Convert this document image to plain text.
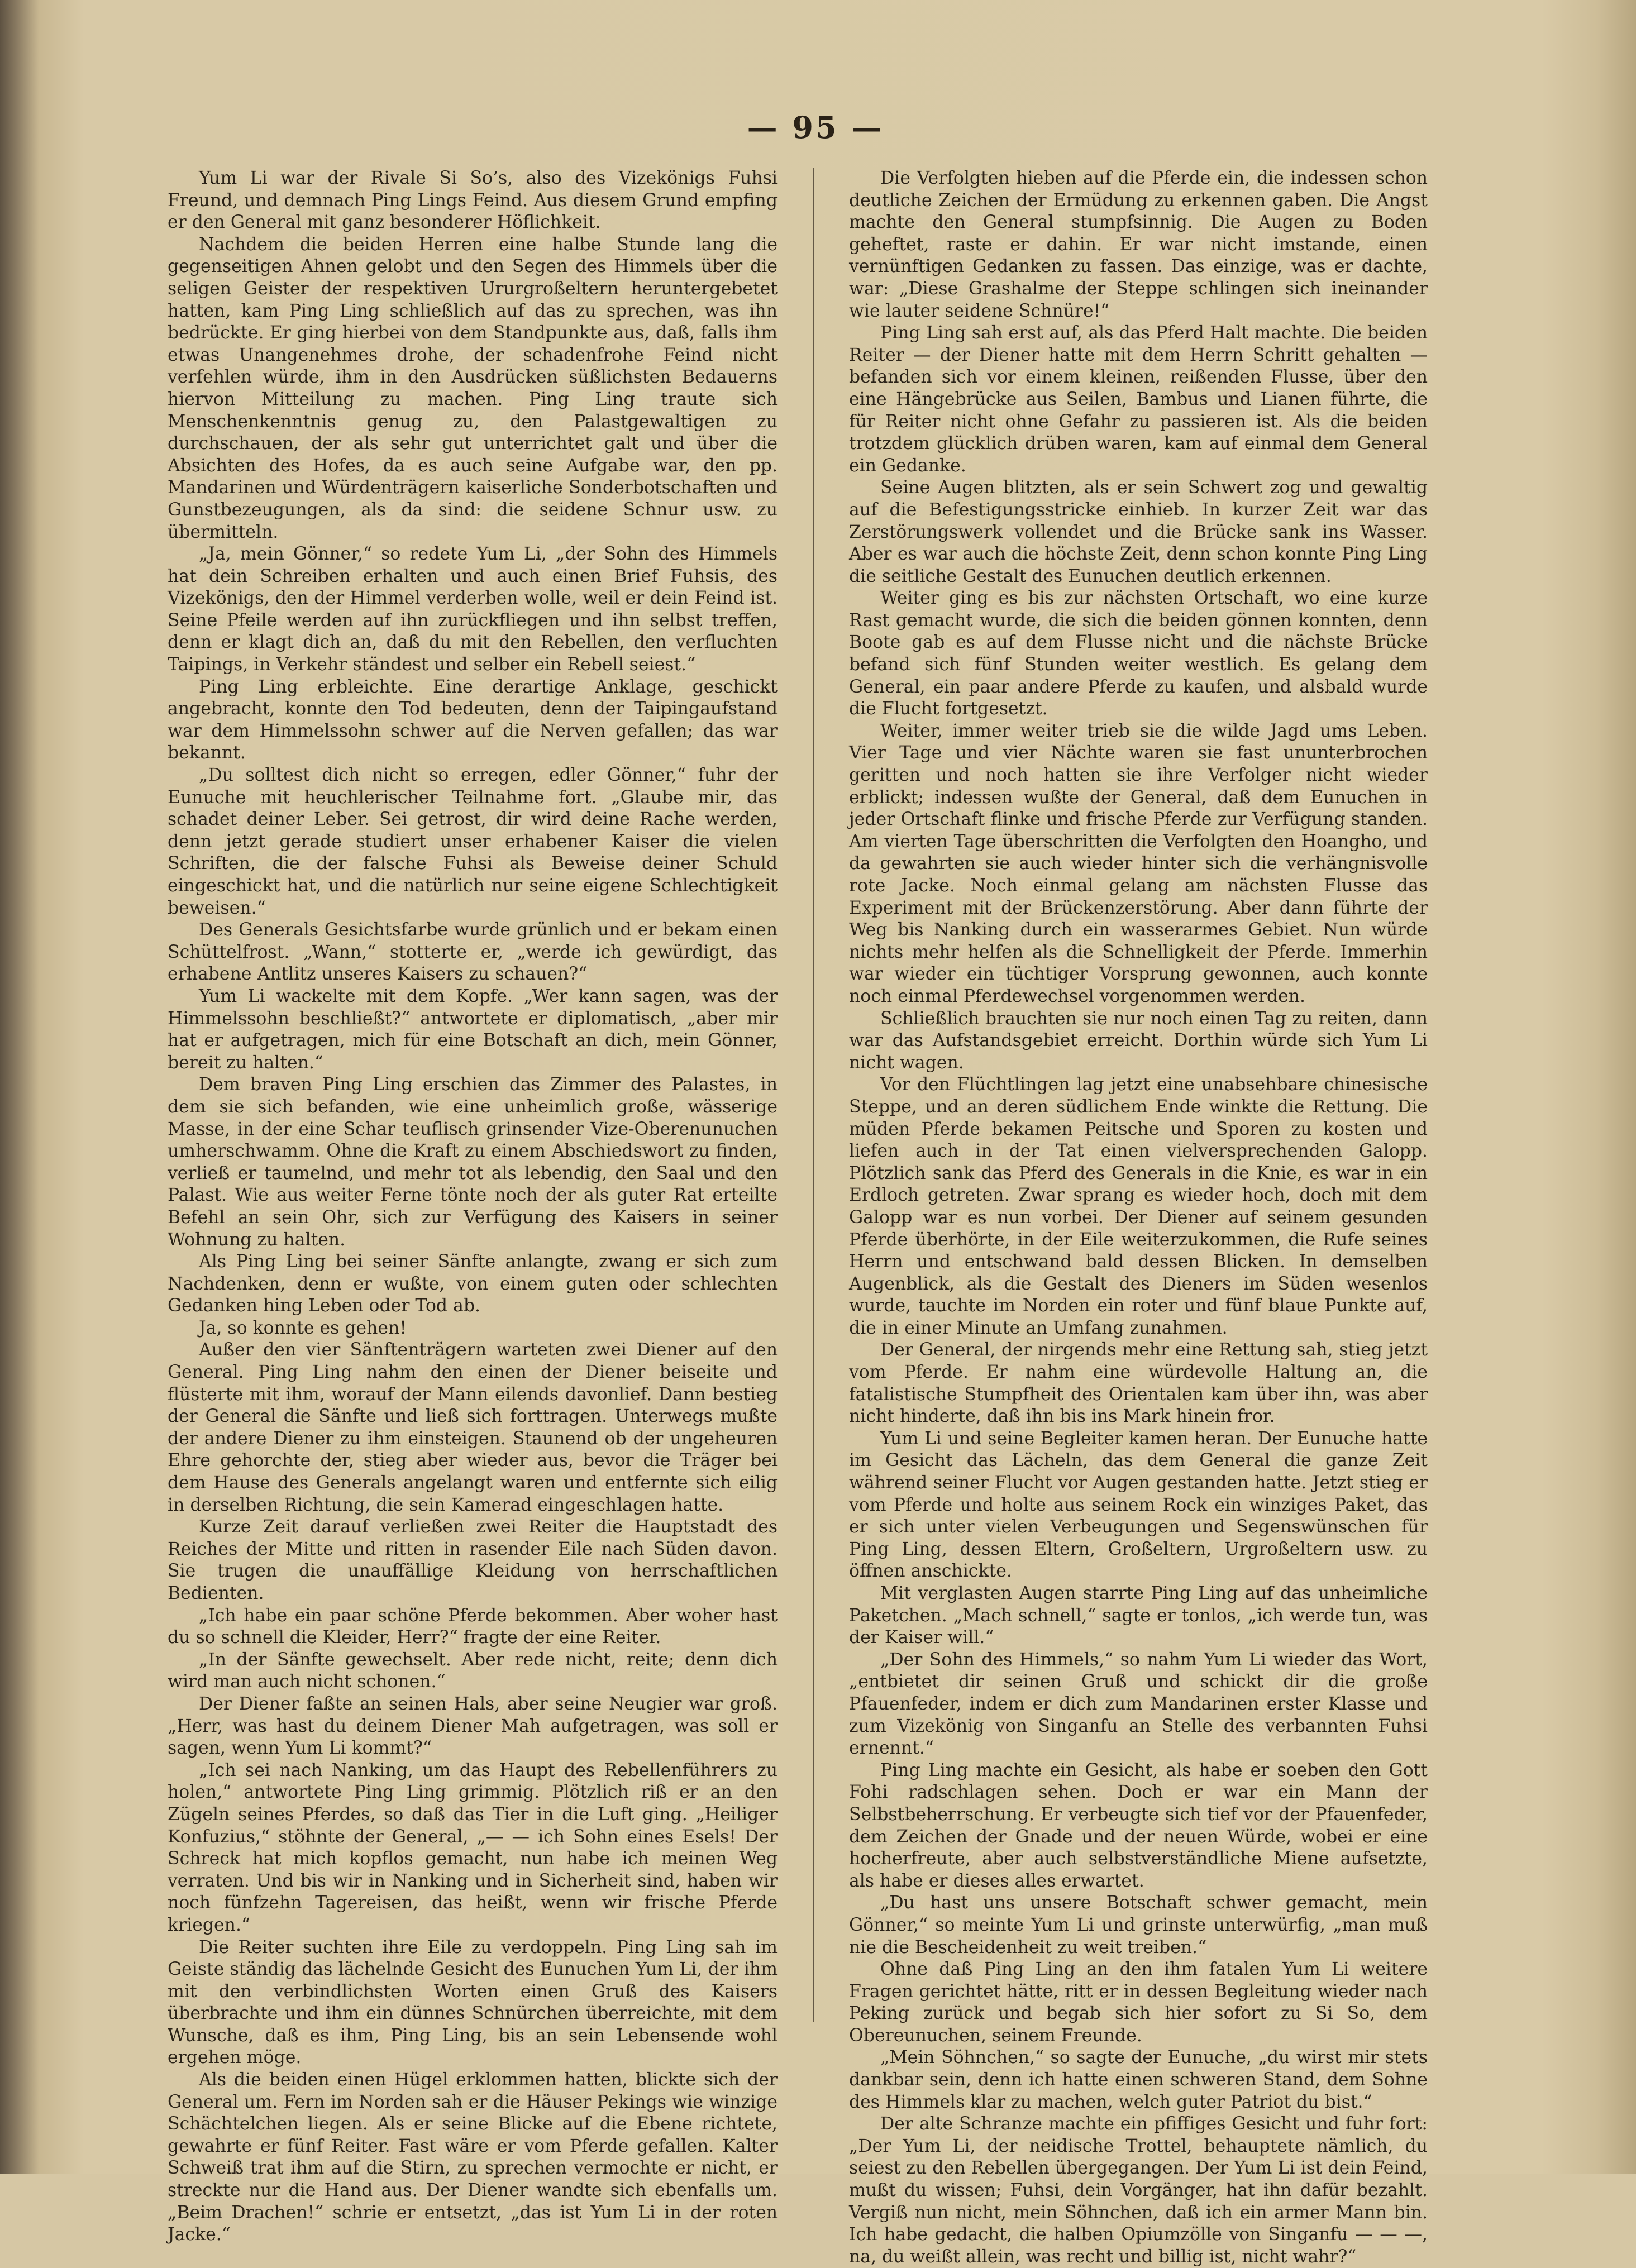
— 95 —

Yum Li war der Rivale Si So’s, also des Vizekönigs Fuhsi Freund, und demnach Ping Lings Feind. Aus diesem Grund empfing er den General mit ganz besonderer Höflichkeit.

Nachdem die beiden Herren eine halbe Stunde lang die gegenseitigen Ahnen gelobt und den Segen des Himmels über die seligen Geister der respektiven Ururgroßeltern heruntergebetet hatten, kam Ping Ling schließlich auf das zu sprechen, was ihn bedrückte. Er ging hierbei von dem Standpunkte aus, daß, falls ihm etwas Unangenehmes drohe, der schadenfrohe Feind nicht verfehlen würde, ihm in den Ausdrücken süßlichsten Bedauerns hiervon Mitteilung zu machen. Ping Ling traute sich Menschenkenntnis genug zu, den Palastgewaltigen zu durchschauen, der als sehr gut unterrichtet galt und über die Absichten des Hofes, da es auch seine Aufgabe war, den pp. Mandarinen und Würdenträgern kaiserliche Sonderbotschaften und Gunstbezeugungen, als da sind: die seidene Schnur usw. zu übermitteln.

„Ja, mein Gönner,“ so redete Yum Li, „der Sohn des Himmels hat dein Schreiben erhalten und auch einen Brief Fuhsis, des Vizekönigs, den der Himmel verderben wolle, weil er dein Feind ist. Seine Pfeile werden auf ihn zurückfliegen und ihn selbst treffen, denn er klagt dich an, daß du mit den Rebellen, den verfluchten Taipings, in Verkehr ständest und selber ein Rebell seiest.“

Ping Ling erbleichte. Eine derartige Anklage, geschickt angebracht, konnte den Tod bedeuten, denn der Taipingaufstand war dem Himmelssohn schwer auf die Nerven gefallen; das war bekannt.

„Du solltest dich nicht so erregen, edler Gönner,“ fuhr der Eunuche mit heuchlerischer Teilnahme fort. „Glaube mir, das schadet deiner Leber. Sei getrost, dir wird deine Rache werden, denn jetzt gerade studiert unser erhabener Kaiser die vielen Schriften, die der falsche Fuhsi als Beweise deiner Schuld eingeschickt hat, und die natürlich nur seine eigene Schlechtigkeit beweisen.“

Des Generals Gesichtsfarbe wurde grünlich und er bekam einen Schüttelfrost. „Wann,“ stotterte er, „werde ich gewürdigt, das erhabene Antlitz unseres Kaisers zu schauen?“

Yum Li wackelte mit dem Kopfe. „Wer kann sagen, was der Himmelssohn beschließt?“ antwortete er diplomatisch, „aber mir hat er aufgetragen, mich für eine Botschaft an dich, mein Gönner, bereit zu halten.“

Dem braven Ping Ling erschien das Zimmer des Palastes, in dem sie sich befanden, wie eine unheimlich große, wässerige Masse, in der eine Schar teuflisch grinsender Vize-Oberenunuchen umherschwamm. Ohne die Kraft zu einem Abschiedswort zu finden, verließ er taumelnd, und mehr tot als lebendig, den Saal und den Palast. Wie aus weiter Ferne tönte noch der als guter Rat erteilte Befehl an sein Ohr, sich zur Verfügung des Kaisers in seiner Wohnung zu halten.

Als Ping Ling bei seiner Sänfte anlangte, zwang er sich zum Nachdenken, denn er wußte, von einem guten oder schlechten Gedanken hing Leben oder Tod ab.

Ja, so konnte es gehen!

Außer den vier Sänftenträgern warteten zwei Diener auf den General. Ping Ling nahm den einen der Diener beiseite und flüsterte mit ihm, worauf der Mann eilends davonlief. Dann bestieg der General die Sänfte und ließ sich forttragen. Unterwegs mußte der andere Diener zu ihm einsteigen. Staunend ob der ungeheuren Ehre gehorchte der, stieg aber wieder aus, bevor die Träger bei dem Hause des Generals angelangt waren und entfernte sich eilig in derselben Richtung, die sein Kamerad eingeschlagen hatte.

Kurze Zeit darauf verließen zwei Reiter die Hauptstadt des Reiches der Mitte und ritten in rasender Eile nach Süden davon. Sie trugen die unauffällige Kleidung von herrschaftlichen Bedienten.

„Ich habe ein paar schöne Pferde bekommen. Aber woher hast du so schnell die Kleider, Herr?“ fragte der eine Reiter.

„In der Sänfte gewechselt. Aber rede nicht, reite; denn dich wird man auch nicht schonen.“

Der Diener faßte an seinen Hals, aber seine Neugier war groß. „Herr, was hast du deinem Diener Mah aufgetragen, was soll er sagen, wenn Yum Li kommt?“

„Ich sei nach Nanking, um das Haupt des Rebellenführers zu holen,“ antwortete Ping Ling grimmig. Plötzlich riß er an den Zügeln seines Pferdes, so daß das Tier in die Luft ging. „Heiliger Konfuzius,“ stöhnte der General, „— — ich Sohn eines Esels! Der Schreck hat mich kopflos gemacht, nun habe ich meinen Weg verraten. Und bis wir in Nanking und in Sicherheit sind, haben wir noch fünfzehn Tagereisen, das heißt, wenn wir frische Pferde kriegen.“

Die Reiter suchten ihre Eile zu verdoppeln. Ping Ling sah im Geiste ständig das lächelnde Gesicht des Eunuchen Yum Li, der ihm mit den verbindlichsten Worten einen Gruß des Kaisers überbrachte und ihm ein dünnes Schnürchen überreichte, mit dem Wunsche, daß es ihm, Ping Ling, bis an sein Lebensende wohl ergehen möge.

Als die beiden einen Hügel erklommen hatten, blickte sich der General um. Fern im Norden sah er die Häuser Pekings wie winzige Schächtelchen liegen. Als er seine Blicke auf die Ebene richtete, gewahrte er fünf Reiter. Fast wäre er vom Pferde gefallen. Kalter Schweiß trat ihm auf die Stirn, zu sprechen vermochte er nicht, er streckte nur die Hand aus. Der Diener wandte sich ebenfalls um. „Beim Drachen!“ schrie er entsetzt, „das ist Yum Li in der roten Jacke.“

Die Verfolgten hieben auf die Pferde ein, die indessen schon deutliche Zeichen der Ermüdung zu erkennen gaben. Die Angst machte den General stumpfsinnig. Die Augen zu Boden geheftet, raste er dahin. Er war nicht imstande, einen vernünftigen Gedanken zu fassen. Das einzige, was er dachte, war: „Diese Grashalme der Steppe schlingen sich ineinander wie lauter seidene Schnüre!“

Ping Ling sah erst auf, als das Pferd Halt machte. Die beiden Reiter — der Diener hatte mit dem Herrn Schritt gehalten — befanden sich vor einem kleinen, reißenden Flusse, über den eine Hängebrücke aus Seilen, Bambus und Lianen führte, die für Reiter nicht ohne Gefahr zu passieren ist. Als die beiden trotzdem glücklich drüben waren, kam auf einmal dem General ein Gedanke.

Seine Augen blitzten, als er sein Schwert zog und gewaltig auf die Befestigungsstricke einhieb. In kurzer Zeit war das Zerstörungswerk vollendet und die Brücke sank ins Wasser. Aber es war auch die höchste Zeit, denn schon konnte Ping Ling die seitliche Gestalt des Eunuchen deutlich erkennen.

Weiter ging es bis zur nächsten Ortschaft, wo eine kurze Rast gemacht wurde, die sich die beiden gönnen konnten, denn Boote gab es auf dem Flusse nicht und die nächste Brücke befand sich fünf Stunden weiter westlich. Es gelang dem General, ein paar andere Pferde zu kaufen, und alsbald wurde die Flucht fortgesetzt.

Weiter, immer weiter trieb sie die wilde Jagd ums Leben. Vier Tage und vier Nächte waren sie fast ununterbrochen geritten und noch hatten sie ihre Verfolger nicht wieder erblickt; indessen wußte der General, daß dem Eunuchen in jeder Ortschaft flinke und frische Pferde zur Verfügung standen. Am vierten Tage überschritten die Verfolgten den Hoangho, und da gewahrten sie auch wieder hinter sich die verhängnisvolle rote Jacke. Noch einmal gelang am nächsten Flusse das Experiment mit der Brückenzerstörung. Aber dann führte der Weg bis Nanking durch ein wasserarmes Gebiet. Nun würde nichts mehr helfen als die Schnelligkeit der Pferde. Immerhin war wieder ein tüchtiger Vorsprung gewonnen, auch konnte noch einmal Pferdewechsel vorgenommen werden.

Schließlich brauchten sie nur noch einen Tag zu reiten, dann war das Aufstandsgebiet erreicht. Dorthin würde sich Yum Li nicht wagen.

Vor den Flüchtlingen lag jetzt eine unabsehbare chinesische Steppe, und an deren südlichem Ende winkte die Rettung. Die müden Pferde bekamen Peitsche und Sporen zu kosten und liefen auch in der Tat einen vielversprechenden Galopp. Plötzlich sank das Pferd des Generals in die Knie, es war in ein Erdloch getreten. Zwar sprang es wieder hoch, doch mit dem Galopp war es nun vorbei. Der Diener auf seinem gesunden Pferde überhörte, in der Eile weiterzukommen, die Rufe seines Herrn und entschwand bald dessen Blicken. In demselben Augenblick, als die Gestalt des Dieners im Süden wesenlos wurde, tauchte im Norden ein roter und fünf blaue Punkte auf, die in einer Minute an Umfang zunahmen.

Der General, der nirgends mehr eine Rettung sah, stieg jetzt vom Pferde. Er nahm eine würdevolle Haltung an, die fatalistische Stumpfheit des Orientalen kam über ihn, was aber nicht hinderte, daß ihn bis ins Mark hinein fror.

Yum Li und seine Begleiter kamen heran. Der Eunuche hatte im Gesicht das Lächeln, das dem General die ganze Zeit während seiner Flucht vor Augen gestanden hatte. Jetzt stieg er vom Pferde und holte aus seinem Rock ein winziges Paket, das er sich unter vielen Verbeugungen und Segenswünschen für Ping Ling, dessen Eltern, Großeltern, Urgroßeltern usw. zu öffnen anschickte.

Mit verglasten Augen starrte Ping Ling auf das unheimliche Paketchen. „Mach schnell,“ sagte er tonlos, „ich werde tun, was der Kaiser will.“

„Der Sohn des Himmels,“ so nahm Yum Li wieder das Wort, „entbietet dir seinen Gruß und schickt dir die große Pfauenfeder, indem er dich zum Mandarinen erster Klasse und zum Vizekönig von Singanfu an Stelle des verbannten Fuhsi ernennt.“

Ping Ling machte ein Gesicht, als habe er soeben den Gott Fohi radschlagen sehen. Doch er war ein Mann der Selbstbeherrschung. Er verbeugte sich tief vor der Pfauenfeder, dem Zeichen der Gnade und der neuen Würde, wobei er eine hocherfreute, aber auch selbstverständliche Miene aufsetzte, als habe er dieses alles erwartet.

„Du hast uns unsere Botschaft schwer gemacht, mein Gönner,“ so meinte Yum Li und grinste unterwürfig, „man muß nie die Bescheidenheit zu weit treiben.“

Ohne daß Ping Ling an den ihm fatalen Yum Li weitere Fragen gerichtet hätte, ritt er in dessen Begleitung wieder nach Peking zurück und begab sich hier sofort zu Si So, dem Obereunuchen, seinem Freunde.

„Mein Söhnchen,“ so sagte der Eunuche, „du wirst mir stets dankbar sein, denn ich hatte einen schweren Stand, dem Sohne des Himmels klar zu machen, welch guter Patriot du bist.“

Der alte Schranze machte ein pfiffiges Gesicht und fuhr fort: „Der Yum Li, der neidische Trottel, behauptete nämlich, du seiest zu den Rebellen übergegangen. Der Yum Li ist dein Feind, mußt du wissen; Fuhsi, dein Vorgänger, hat ihn dafür bezahlt. Vergiß nun nicht, mein Söhnchen, daß ich ein armer Mann bin. Ich habe gedacht, die halben Opiumzölle von Singanfu — — —, na, du weißt allein, was recht und billig ist, nicht wahr?“
